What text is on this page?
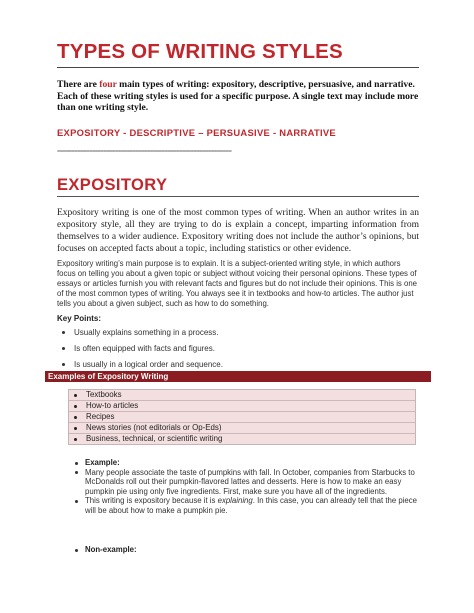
TYPES OF WRITING STYLES
There are four main types of writing: expository, descriptive, persuasive, and narrative. Each of these writing styles is used for a specific purpose. A single text may include more than one writing style.
EXPOSITORY - DESCRIPTIVE – PERSUASIVE - NARRATIVE
============================================================
EXPOSITORY
Expository writing is one of the most common types of writing. When an author writes in an expository style, all they are trying to do is explain a concept, imparting information from themselves to a wider audience. Expository writing does not include the author’s opinions, but focuses on accepted facts about a topic, including statistics or other evidence.
Expository writing’s main purpose is to explain. It is a subject-oriented writing style, in which authors focus on telling you about a given topic or subject without voicing their personal opinions. These types of essays or articles furnish you with relevant facts and figures but do not include their opinions. This is one of the most common types of writing. You always see it in textbooks and how-to articles. The author just tells you about a given subject, such as how to do something.
Key Points:
Usually explains something in a process.
Is often equipped with facts and figures.
Is usually in a logical order and sequence.
Examples of Expository Writing
Textbooks
How-to articles
Recipes
News stories (not editorials or Op-Eds)
Business, technical, or scientific writing
Example:
Many people associate the taste of pumpkins with fall. In October, companies from Starbucks to McDonalds roll out their pumpkin-flavored lattes and desserts. Here is how to make an easy pumpkin pie using only five ingredients. First, make sure you have all of the ingredients.
This writing is expository because it is explaining. In this case, you can already tell that the piece will be about how to make a pumpkin pie.
Non-example:
